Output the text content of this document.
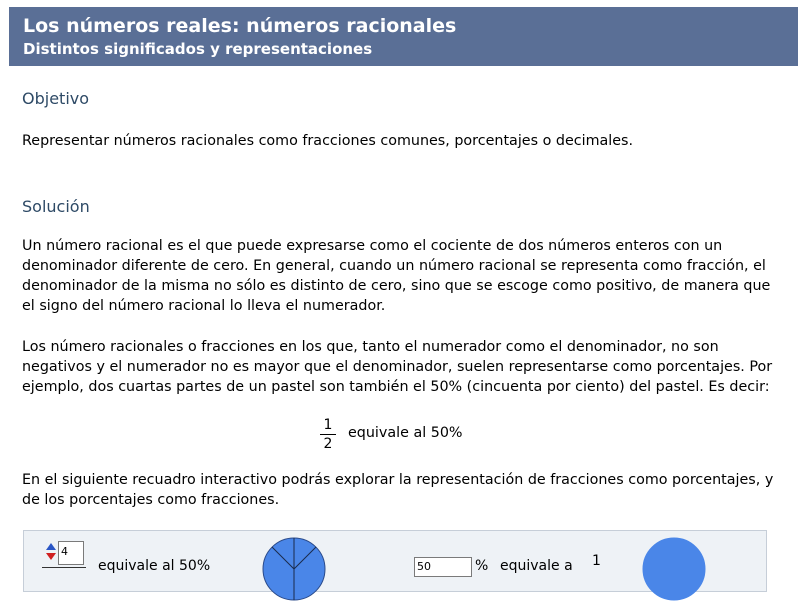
Los números reales: números racionales
Distintos significados y representaciones
Objetivo

Representar números racionales como fracciones comunes, porcentajes o decimales.

Solución

Un número racional es el que puede expresarse como el cociente de dos números enteros con un denominador diferente de cero. En general, cuando un número racional se representa como fracción, el denominador de la misma no sólo es distinto de cero, sino que se escoge como positivo, de manera que el signo del número racional lo lleva el numerador.

Los número racionales o fracciones en los que, tanto el numerador como el denominador, no son negativos y el numerador no es mayor que el denominador, suelen representarse como porcentajes. Por ejemplo, dos cuartas partes de un pastel son también el 50% (cincuenta por ciento) del pastel. Es decir:

1
2
equivale al 50%

En el siguiente recuadro interactivo podrás explorar la representación de fracciones como porcentajes, y de los porcentajes como fracciones.

4
equivale al 50%	50	% equivale a 1
